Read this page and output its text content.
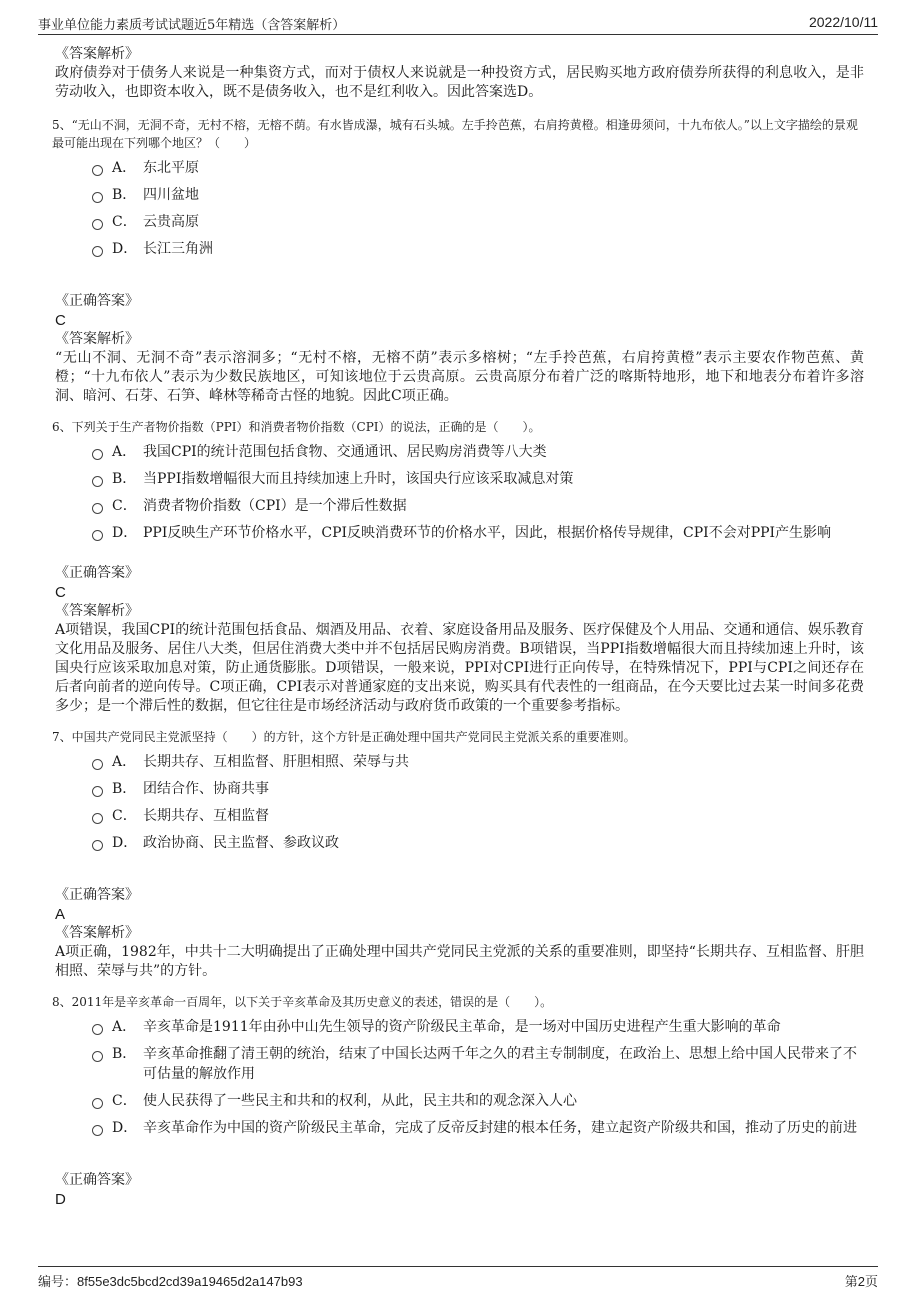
事业单位能力素质考试试题近5年精选（含答案解析）	2022/10/11
《答案解析》
政府债券对于债务人来说是一种集资方式，而对于债权人来说就是一种投资方式，居民购买地方政府债券所获得的利息收入，是非劳动收入，也即资本收入，既不是债务收入，也不是红利收入。因此答案选D。
5、“无山不洞，无洞不奇，无村不榕，无榕不荫。有水皆成瀑，城有石头城。左手拎芭蕉，右肩挎黄橙。相逢毋须问，十九布依人。”以上文字描绘的景观最可能出现在下列哪个地区？（　　）
A． 东北平原
B． 四川盆地
C． 云贵高原
D． 长江三角洲
《正确答案》
C
《答案解析》
“无山不洞、无洞不奇”表示溶洞多；“无村不榕，无榕不荫”表示多榕树；“左手拎芭蕉，右肩挎黄橙”表示主要农作物芭蕉、黄橙；“十九布依人”表示为少数民族地区，可知该地位于云贵高原。云贵高原分布着广泛的喀斯特地形，地下和地表分布着许多溶洞、暗河、石芽、石笋、峰林等稀奇古怪的地貌。因此C项正确。
6、下列关于生产者物价指数（PPI）和消费者物价指数（CPI）的说法，正确的是（　　）。
A． 我国CPI的统计范围包括食物、交通通讯、居民购房消费等八大类
B． 当PPI指数增幅很大而且持续加速上升时，该国央行应该采取减息对策
C． 消费者物价指数（CPI）是一个滞后性数据
D． PPI反映生产环节价格水平，CPI反映消费环节的价格水平，因此，根据价格传导规律，CPI不会对PPI产生影响
《正确答案》
C
《答案解析》
A项错误，我国CPI的统计范围包括食品、烟酒及用品、衣着、家庭设备用品及服务、医疗保健及个人用品、交通和通信、娱乐教育文化用品及服务、居住八大类，但居住消费大类中并不包括居民购房消费。B项错误，当PPI指数增幅很大而且持续加速上升时，该国央行应该采取加息对策，防止通货膨胀。D项错误，一般来说，PPI对CPI进行正向传导，在特殊情况下，PPI与CPI之间还存在后者向前者的逆向传导。C项正确，CPI表示对普通家庭的支出来说，购买具有代表性的一组商品，在今天要比过去某一时间多花费多少；是一个滞后性的数据，但它往往是市场经济活动与政府货币政策的一个重要参考指标。
7、中国共产党同民主党派坚持（　　）的方针，这个方针是正确处理中国共产党同民主党派关系的重要准则。
A． 长期共存、互相监督、肝胆相照、荣辱与共
B． 团结合作、协商共事
C． 长期共存、互相监督
D． 政治协商、民主监督、参政议政
《正确答案》
A
《答案解析》
A项正确，1982年，中共十二大明确提出了正确处理中国共产党同民主党派的关系的重要准则，即坚持“长期共存、互相监督、肝胆相照、荣辱与共”的方针。
8、2011年是辛亥革命一百周年，以下关于辛亥革命及其历史意义的表述，错误的是（　　）。
A． 辛亥革命是1911年由孙中山先生领导的资产阶级民主革命，是一场对中国历史进程产生重大影响的革命
B． 辛亥革命推翻了清王朝的统治，结束了中国长达两千年之久的君主专制制度，在政治上、思想上给中国人民带来了不可估量的解放作用
C． 使人民获得了一些民主和共和的权利，从此，民主共和的观念深入人心
D． 辛亥革命作为中国的资产阶级民主革命，完成了反帝反封建的根本任务，建立起资产阶级共和国，推动了历史的前进
《正确答案》
D
编号：8f55e3dc5bcd2cd39a19465d2a147b93	第2页
